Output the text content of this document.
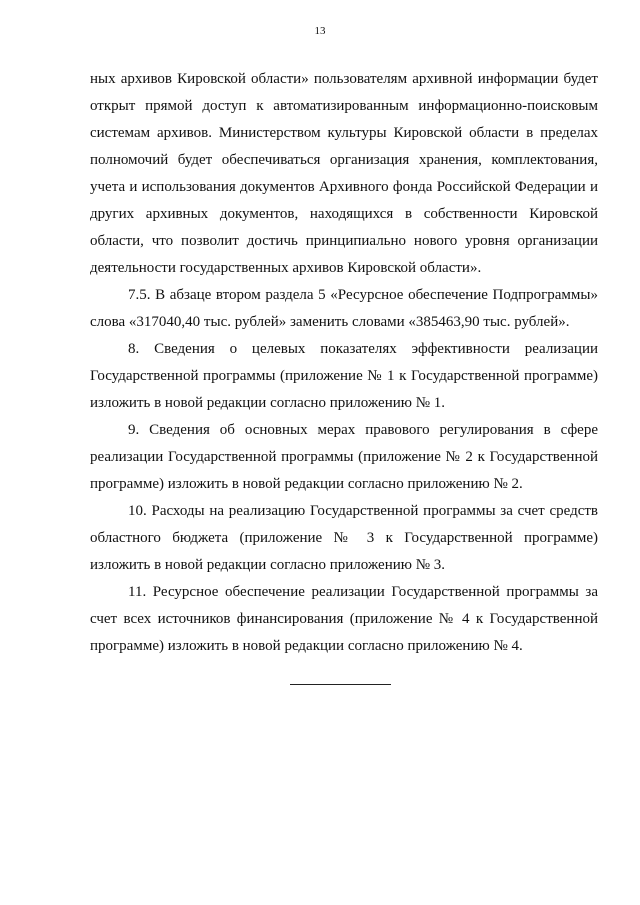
13

ных архивов Кировской области» пользователям архивной информации будет открыт прямой доступ к автоматизированным информационно-поисковым системам архивов. Министерством культуры Кировской области в пределах полномочий будет обеспечиваться организация хранения, комплектования, учета и использования документов Архивного фонда Российской Федерации и других архивных документов, находящихся в собственности Кировской области, что позволит достичь принципиально нового уровня организации деятельности государственных архивов Кировской области».

7.5. В абзаце втором раздела 5 «Ресурсное обеспечение Подпрограммы» слова «317040,40 тыс. рублей» заменить словами «385463,90 тыс. рублей».

8. Сведения о целевых показателях эффективности реализации Государственной программы (приложение № 1 к Государственной программе) изложить в новой редакции согласно приложению № 1.

9. Сведения об основных мерах правового регулирования в сфере реализации Государственной программы (приложение № 2 к Государственной программе) изложить в новой редакции согласно приложению № 2.

10. Расходы на реализацию Государственной программы за счет средств областного бюджета (приложение № 3 к Государственной программе) изложить в новой редакции согласно приложению № 3.

11. Ресурсное обеспечение реализации Государственной программы за счет всех источников финансирования (приложение № 4 к Государственной программе) изложить в новой редакции согласно приложению № 4.
